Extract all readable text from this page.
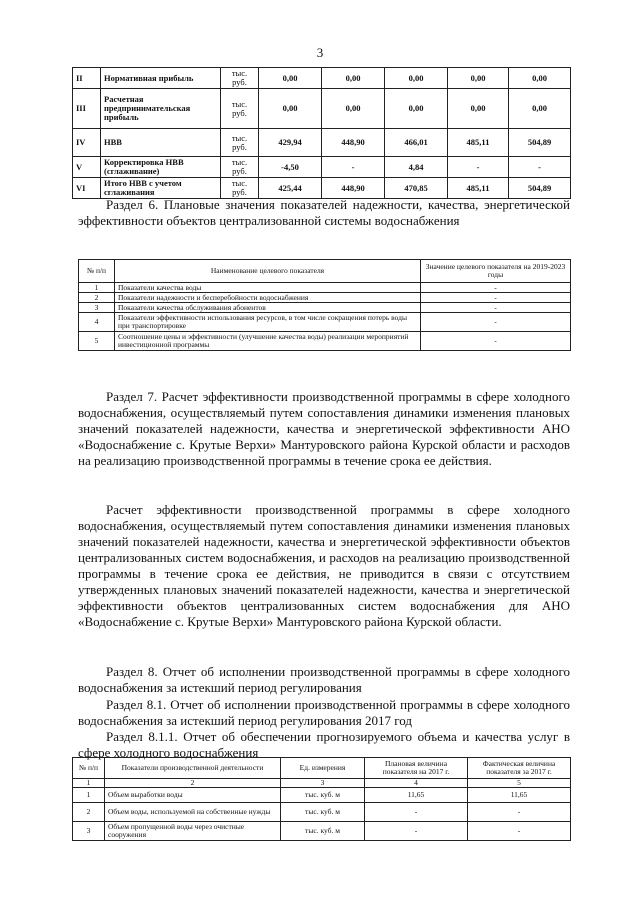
3
II	Нормативная прибыль	тыс. руб.	0,00	0,00	0,00	0,00	0,00
III	Расчетная предпринимательская прибыль	тыс. руб.	0,00	0,00	0,00	0,00	0,00
IV	НВВ	тыс. руб.	429,94	448,90	466,01	485,11	504,89
V	Корректировка НВВ (сглаживание)	тыс. руб.	-4,50	-	4,84	-	-
VI	Итого НВВ с учетом сглаживания	тыс. руб.	425,44	448,90	470,85	485,11	504,89

Раздел 6. Плановые значения показателей надежности, качества, энергетической эффективности объектов централизованной системы водоснабжения

№ п/п	Наименование целевого показателя	Значение целевого показателя на 2019-2023 годы
1	Показатели качества воды	-
2	Показатели надежности и бесперебойности водоснабжения	-
3	Показатели качества обслуживания абонентов	-
4	Показатели эффективности использования ресурсов, в том числе сокращения потерь воды при транспортировке	-
5	Соотношение цены и эффективности (улучшение качества воды) реализации мероприятий инвестиционной программы	-

Раздел 7. Расчет эффективности производственной программы в сфере холодного водоснабжения, осуществляемый путем сопоставления динамики изменения плановых значений показателей надежности, качества и энергетической эффективности АНО «Водоснабжение с. Крутые Верхи» Мантуровского района Курской области и расходов на реализацию производственной программы в течение срока ее действия.

Расчет эффективности производственной программы в сфере холодного водоснабжения, осуществляемый путем сопоставления динамики изменения плановых значений показателей надежности, качества и энергетической эффективности объектов централизованных систем водоснабжения, и расходов на реализацию производственной программы в течение срока ее действия, не приводится в связи с отсутствием утвержденных плановых значений показателей надежности, качества и энергетической эффективности объектов централизованных систем водоснабжения для АНО «Водоснабжение с. Крутые Верхи» Мантуровского района Курской области.

Раздел 8. Отчет об исполнении производственной программы в сфере холодного водоснабжения за истекший период регулирования

Раздел 8.1. Отчет об исполнении производственной программы в сфере холодного водоснабжения за истекший период регулирования 2017 год

Раздел 8.1.1. Отчет об обеспечении прогнозируемого объема и качества услуг в сфере холодного водоснабжения

№ п/п	Показатели производственной деятельности	Ед. измерения	Плановая величина показателя на 2017 г.	Фактическая величина показателя за 2017 г.
1	2	3	4	5
1	Объем выработки воды	тыс. куб. м	11,65	11,65
2	Объем воды, используемой на собственные нужды	тыс. куб. м	-	-
3	Объем пропущенной воды через очистные сооружения	тыс. куб. м	-	-
